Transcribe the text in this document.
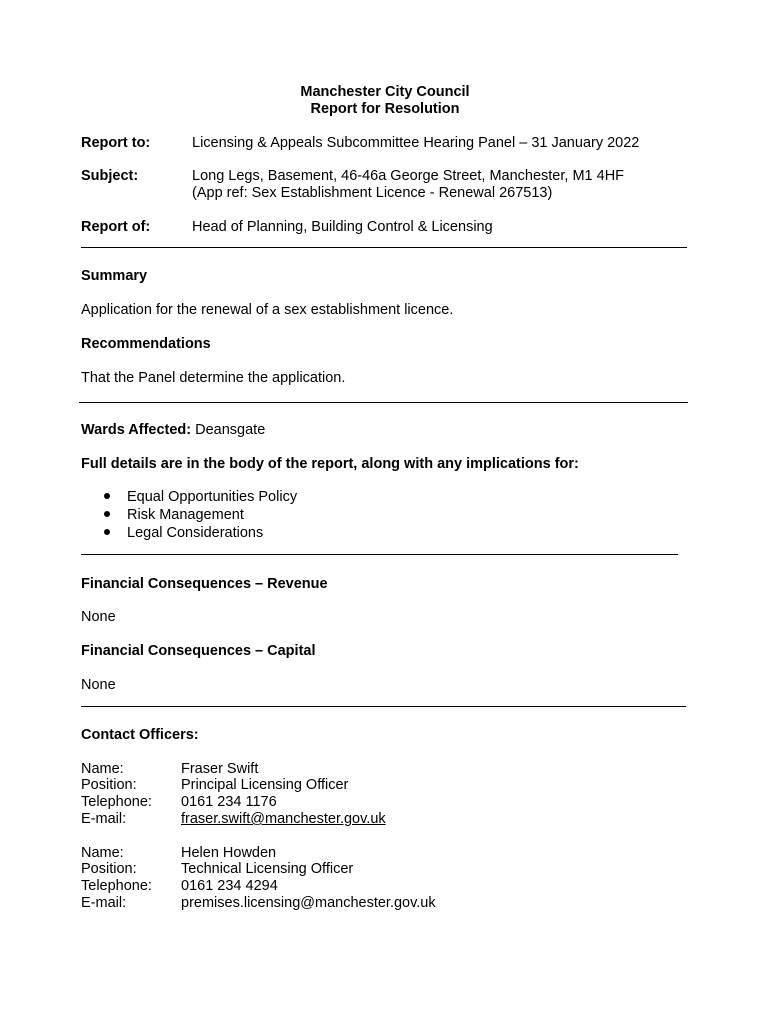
Manchester City Council
Report for Resolution
Report to:	Licensing & Appeals Subcommittee Hearing Panel – 31 January 2022
Subject:	Long Legs, Basement, 46-46a George Street, Manchester, M1 4HF
(App ref: Sex Establishment Licence - Renewal 267513)
Report of:	Head of Planning, Building Control & Licensing
Summary
Application for the renewal of a sex establishment licence.
Recommendations
That the Panel determine the application.
Wards Affected: Deansgate
Full details are in the body of the report, along with any implications for:
Equal Opportunities Policy
Risk Management
Legal Considerations
Financial Consequences – Revenue
None
Financial Consequences – Capital
None
Contact Officers:
Name:	Fraser Swift
Position:	Principal Licensing Officer
Telephone: 0161 234 1176
E-mail:	fraser.swift@manchester.gov.uk
Name:	Helen Howden
Position:	Technical Licensing Officer
Telephone: 0161 234 4294
E-mail:	premises.licensing@manchester.gov.uk
